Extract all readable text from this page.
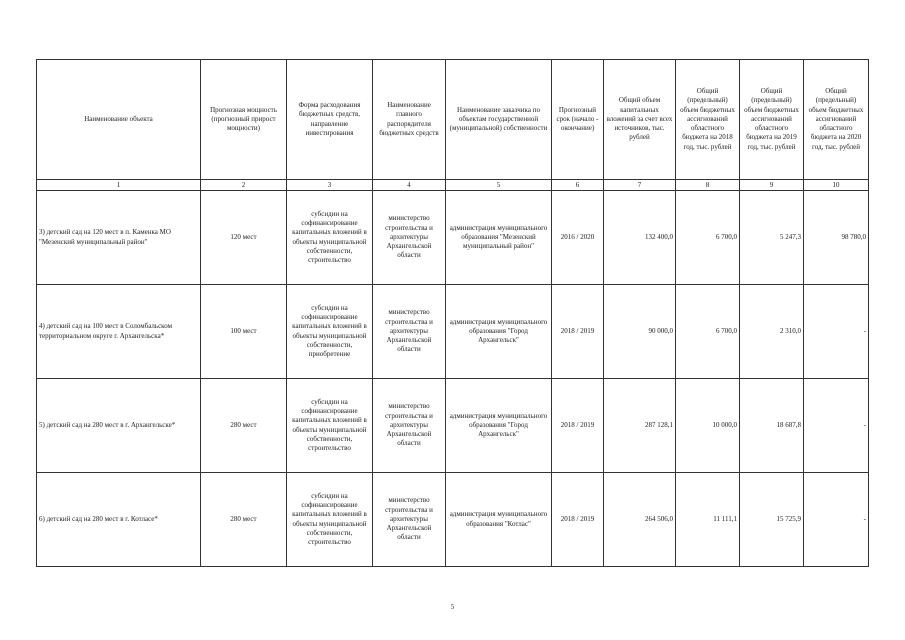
Наименование объекта	Прогнозная мощность (прогнозный прирост мощности)	Форма расходования бюджетных средств, направление инвестирования	Наименование главного распорядителя бюджетных средств	Наименование заказчика по объектам государственной (муниципальной) собственности	Прогнозный срок (начало - окончание)	Общий объем капитальных вложений за счет всех источников, тыс. рублей	Общий (предельный) объем бюджетных ассигнований областного бюджета на 2018 год, тыс. рублей	Общий (предельный) объем бюджетных ассигнований областного бюджета на 2019 год, тыс. рублей	Общий (предельный) объем бюджетных ассигнований областного бюджета на 2020 год, тыс. рублей
1	2	3	4	5	6	7	8	9	10
3) детский сад на 120 мест в п. Каменка МО "Мезенский муниципальный район"	120 мест	субсидии на софинансирование капитальных вложений в объекты муниципальной собственности, строительство	министерство строительства и архитектуры Архангельской области	администрация муниципального образования "Мезенский муниципальный район"	2016 / 2020	132 400,0	6 700,0	5 247,3	98 780,0
4) детский сад на 100 мест в Соломбальском территориальном округе г. Архангельска*	100 мест	субсидии на софинансирование капитальных вложений в объекты муниципальной собственности, приобретение	министерство строительства и архитектуры Архангельской области	администрация муниципального образования "Город Архангельск"	2018 / 2019	90 000,0	6 700,0	2 310,0	-
5) детский сад на 280 мест в г. Архангельске*	280 мест	субсидии на софинансирование капитальных вложений в объекты муниципальной собственности, строительство	министерство строительства и архитектуры Архангельской области	администрация муниципального образования "Город Архангельск"	2018 / 2019	287 128,1	10 000,0	18 687,8	-
6) детский сад на 280 мест в г. Котласе*	280 мест	субсидии на софинансирование капитальных вложений в объекты муниципальной собственности, строительство	министерство строительства и архитектуры Архангельской области	администрация муниципального образования "Котлас"	2018 / 2019	264 506,0	11 111,1	15 725,9	-
5
